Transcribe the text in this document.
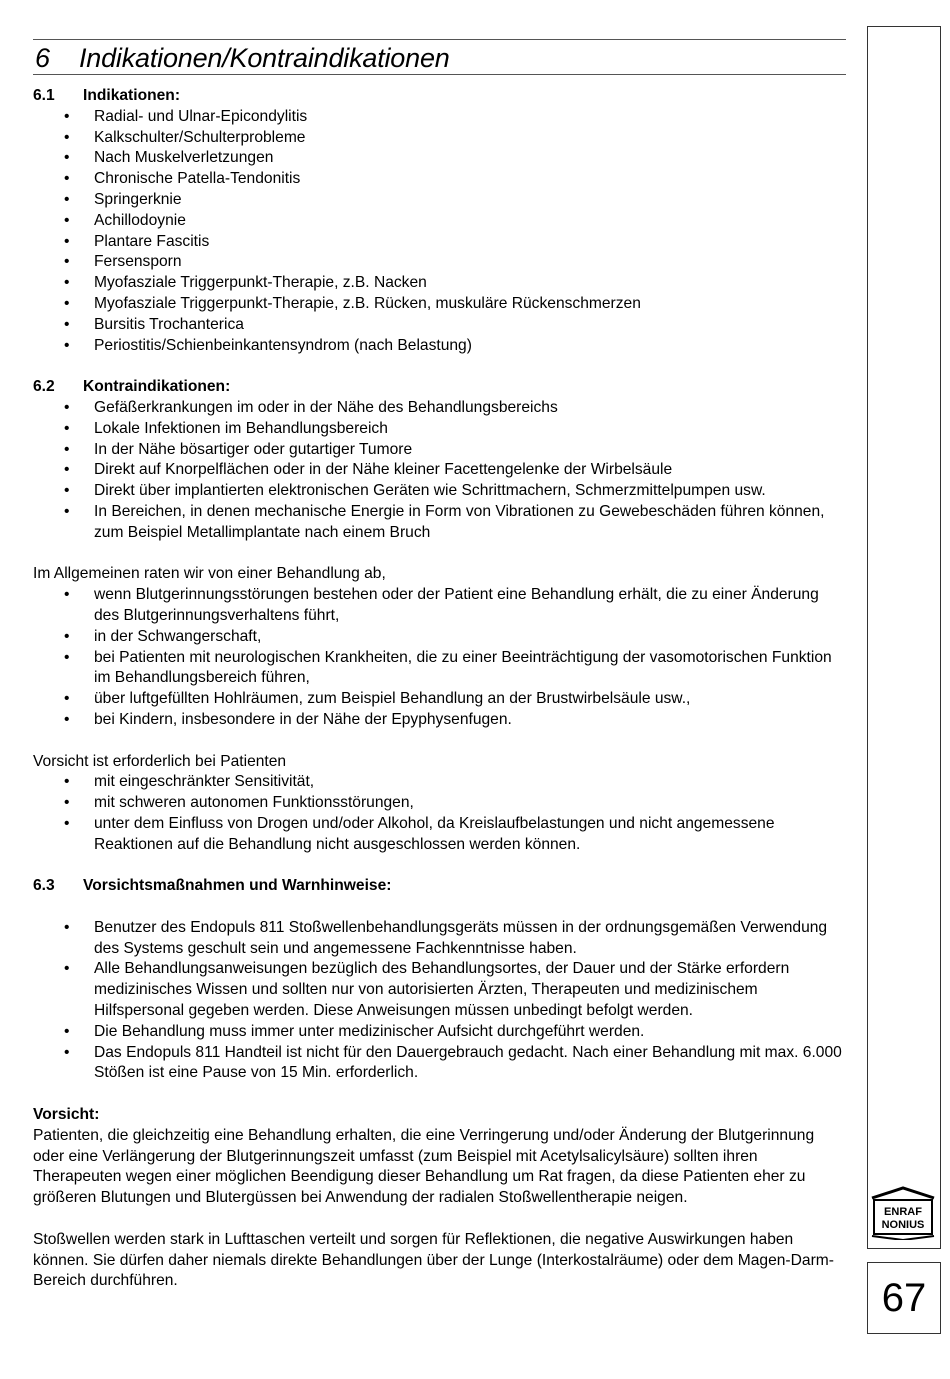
6 Indikationen/Kontraindikationen

6.1 Indikationen:

• Radial- und Ulnar-Epicondylitis
• Kalkschulter/Schulterprobleme
• Nach Muskelverletzungen
• Chronische Patella-Tendonitis
• Springerknie
• Achillodoynie
• Plantare Fascitis
• Fersensporn
• Myofasziale Triggerpunkt-Therapie, z.B. Nacken
• Myofasziale Triggerpunkt-Therapie, z.B. Rücken, muskuläre Rückenschmerzen
• Bursitis Trochanterica
• Periostitis/Schienbeinkantensyndrom (nach Belastung)

6.2 Kontraindikationen:

• Gefäßerkrankungen im oder in der Nähe des Behandlungsbereichs
• Lokale Infektionen im Behandlungsbereich
• In der Nähe bösartiger oder gutartiger Tumore
• Direkt auf Knorpelflächen oder in der Nähe kleiner Facettengelenke der Wirbelsäule
• Direkt über implantierten elektronischen Geräten wie Schrittmachern, Schmerzmittelpumpen usw.
• In Bereichen, in denen mechanische Energie in Form von Vibrationen zu Gewebeschäden führen können, zum Beispiel Metallimplantate nach einem Bruch

Im Allgemeinen raten wir von einer Behandlung ab,

• wenn Blutgerinnungsstörungen bestehen oder der Patient eine Behandlung erhält, die zu einer Änderung des Blutgerinnungsverhaltens führt,
• in der Schwangerschaft,
• bei Patienten mit neurologischen Krankheiten, die zu einer Beeinträchtigung der vasomotorischen Funktion im Behandlungsbereich führen,
• über luftgefüllten Hohlräumen, zum Beispiel Behandlung an der Brustwirbelsäule usw.,
• bei Kindern, insbesondere in der Nähe der Epyphysenfugen.

Vorsicht ist erforderlich bei Patienten

• mit eingeschränkter Sensitivität,
• mit schweren autonomen Funktionsstörungen,
• unter dem Einfluss von Drogen und/oder Alkohol, da Kreislaufbelastungen und nicht angemessene Reaktionen auf die Behandlung nicht ausgeschlossen werden können.

6.3 Vorsichtsmaßnahmen und Warnhinweise:

• Benutzer des Endopuls 811 Stoßwellenbehandlungsgeräts müssen in der ordnungsgemäßen Verwendung des Systems geschult sein und angemessene Fachkenntnisse haben.
• Alle Behandlungsanweisungen bezüglich des Behandlungsortes, der Dauer und der Stärke erfordern medizinisches Wissen und sollten nur von autorisierten Ärzten, Therapeuten und medizinischem Hilfspersonal gegeben werden. Diese Anweisungen müssen unbedingt befolgt werden.
• Die Behandlung muss immer unter medizinischer Aufsicht durchgeführt werden.
• Das Endopuls 811 Handteil ist nicht für den Dauergebrauch gedacht. Nach einer Behandlung mit max. 6.000 Stößen ist eine Pause von 15 Min. erforderlich.

Vorsicht:

Patienten, die gleichzeitig eine Behandlung erhalten, die eine Verringerung und/oder Änderung der Blutgerinnung oder eine Verlängerung der Blutgerinnungszeit umfasst (zum Beispiel mit Acetylsalicylsäure) sollten ihren Therapeuten wegen einer möglichen Beendigung dieser Behandlung um Rat fragen, da diese Patienten eher zu größeren Blutungen und Blutergüssen bei Anwendung der radialen Stoßwellentherapie neigen.

Stoßwellen werden stark in Lufttaschen verteilt und sorgen für Reflektionen, die negative Auswirkungen haben können. Sie dürfen daher niemals direkte Behandlungen über der Lunge (Interkostalräume) oder dem Magen-Darm-Bereich durchführen.

ENRAF
NONIUS
67
